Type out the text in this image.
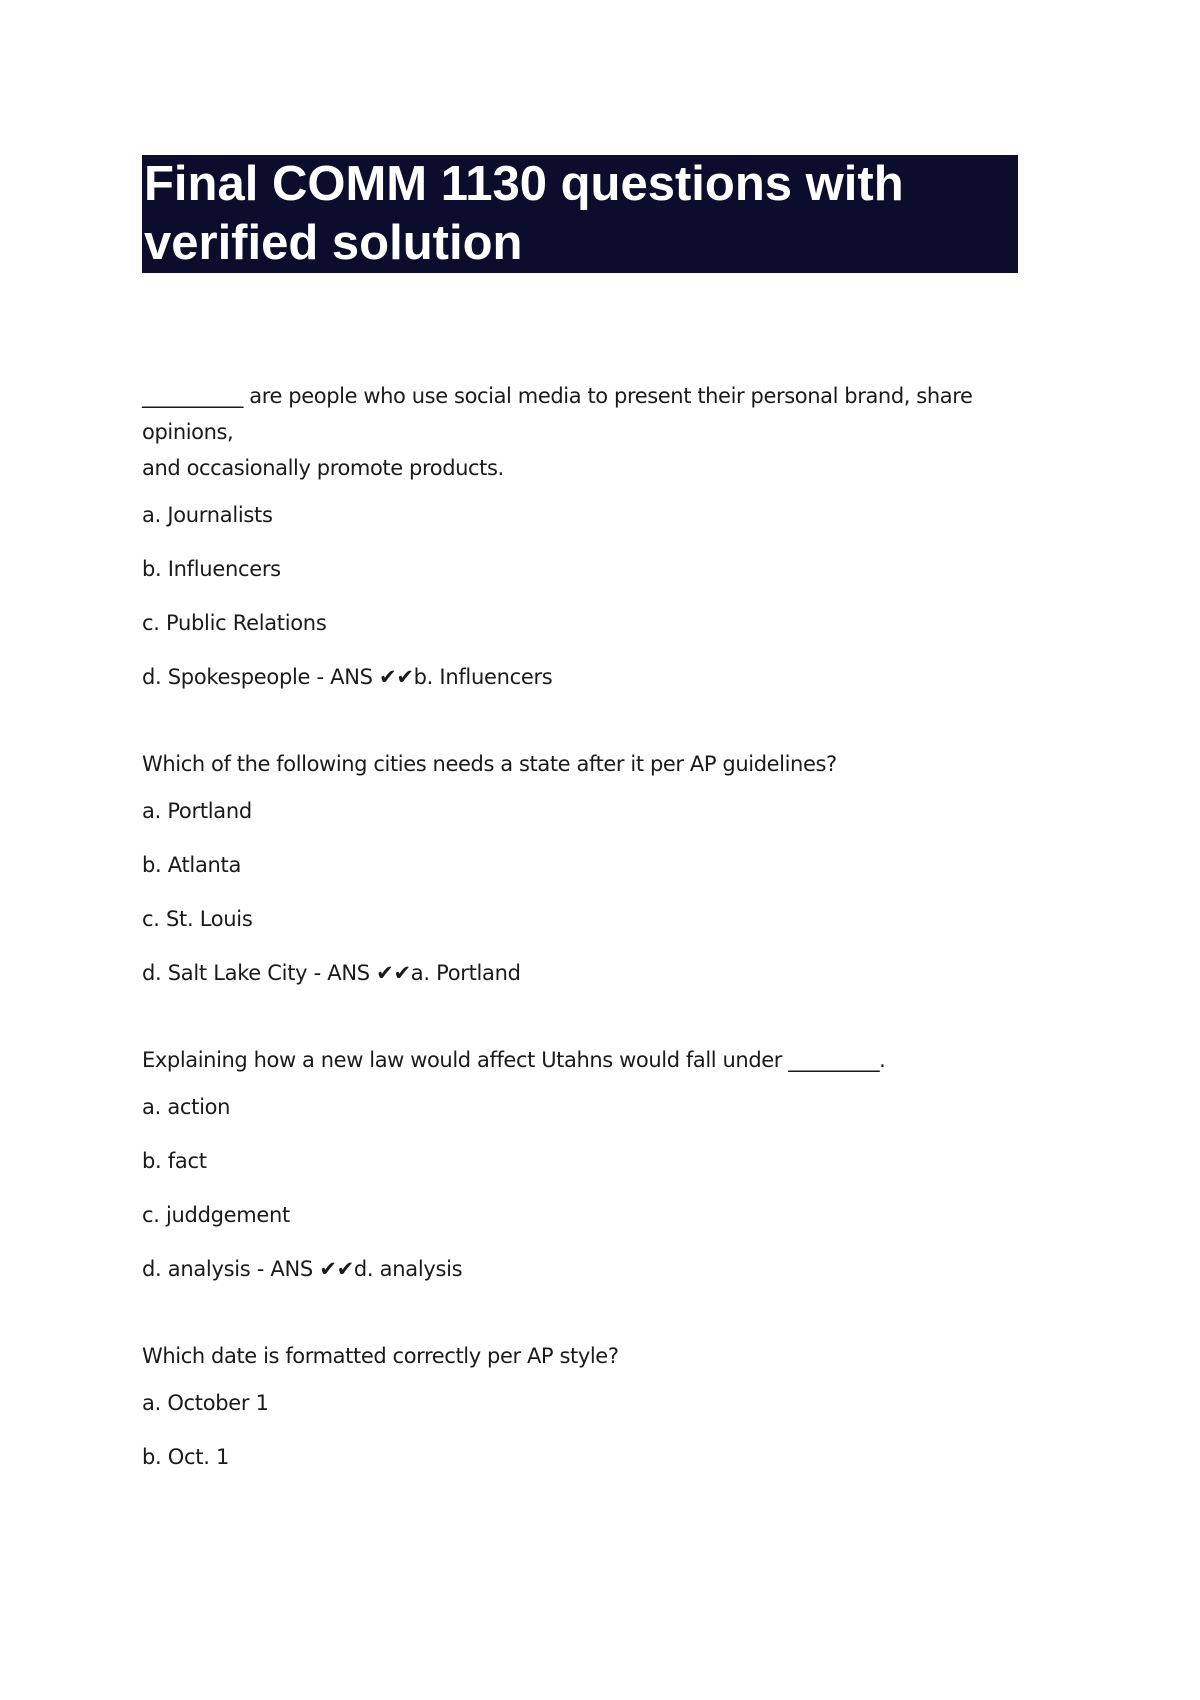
Final COMM 1130 questions with
verified solution
__________ are people who use social media to present their personal brand, share opinions,
and occasionally promote products.
a. Journalists
b. Influencers
c. Public Relations
d. Spokespeople - ANS ✔✔b. Influencers
Which of the following cities needs a state after it per AP guidelines?
a. Portland
b. Atlanta
c. St. Louis
d. Salt Lake City - ANS ✔✔a. Portland
Explaining how a new law would affect Utahns would fall under _________.
a. action
b. fact
c. juddgement
d. analysis - ANS ✔✔d. analysis
Which date is formatted correctly per AP style?
a. October 1
b. Oct. 1
